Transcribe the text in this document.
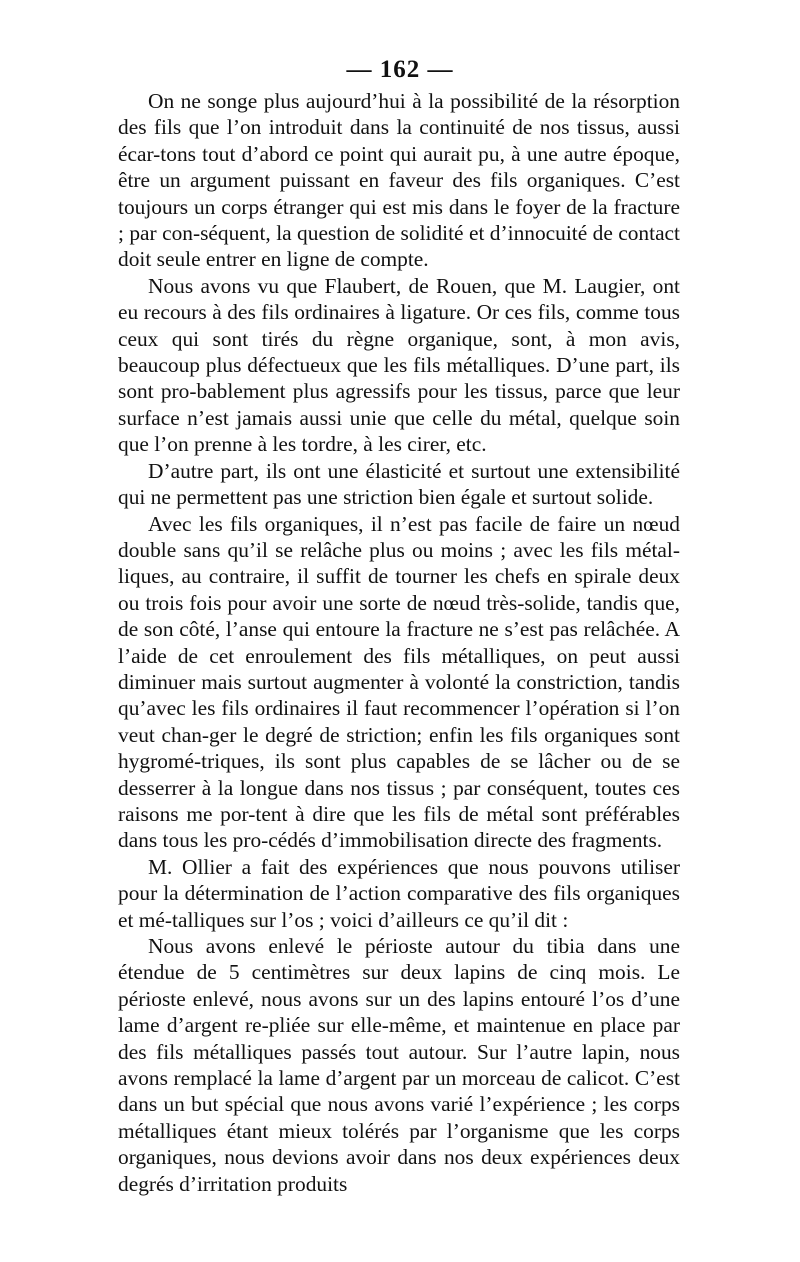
— 162 —

On ne songe plus aujourd’hui à la possibilité de la résorption des fils que l’on introduit dans la continuité de nos tissus, aussi écar-tons tout d’abord ce point qui aurait pu, à une autre époque, être un argument puissant en faveur des fils organiques. C’est toujours un corps étranger qui est mis dans le foyer de la fracture ; par con-séquent, la question de solidité et d’innocuité de contact doit seule entrer en ligne de compte.

Nous avons vu que Flaubert, de Rouen, que M. Laugier, ont eu recours à des fils ordinaires à ligature. Or ces fils, comme tous ceux qui sont tirés du règne organique, sont, à mon avis, beaucoup plus défectueux que les fils métalliques. D’une part, ils sont pro-bablement plus agressifs pour les tissus, parce que leur surface n’est jamais aussi unie que celle du métal, quelque soin que l’on prenne à les tordre, à les cirer, etc.

D’autre part, ils ont une élasticité et surtout une extensibilité qui ne permettent pas une striction bien égale et surtout solide.

Avec les fils organiques, il n’est pas facile de faire un nœud double sans qu’il se relâche plus ou moins ; avec les fils métal-liques, au contraire, il suffit de tourner les chefs en spirale deux ou trois fois pour avoir une sorte de nœud très-solide, tandis que, de son côté, l’anse qui entoure la fracture ne s’est pas relâchée. A l’aide de cet enroulement des fils métalliques, on peut aussi diminuer mais surtout augmenter à volonté la constriction, tandis qu’avec les fils ordinaires il faut recommencer l’opération si l’on veut chan-ger le degré de striction; enfin les fils organiques sont hygromé-triques, ils sont plus capables de se lâcher ou de se desserrer à la longue dans nos tissus ; par conséquent, toutes ces raisons me por-tent à dire que les fils de métal sont préférables dans tous les pro-cédés d’immobilisation directe des fragments.

M. Ollier a fait des expériences que nous pouvons utiliser pour la détermination de l’action comparative des fils organiques et mé-talliques sur l’os ; voici d’ailleurs ce qu’il dit :

Nous avons enlevé le périoste autour du tibia dans une étendue de 5 centimètres sur deux lapins de cinq mois. Le périoste enlevé, nous avons sur un des lapins entouré l’os d’une lame d’argent re-pliée sur elle-même, et maintenue en place par des fils métalliques passés tout autour. Sur l’autre lapin, nous avons remplacé la lame d’argent par un morceau de calicot. C’est dans un but spécial que nous avons varié l’expérience ; les corps métalliques étant mieux tolérés par l’organisme que les corps organiques, nous devions avoir dans nos deux expériences deux degrés d’irritation produits
